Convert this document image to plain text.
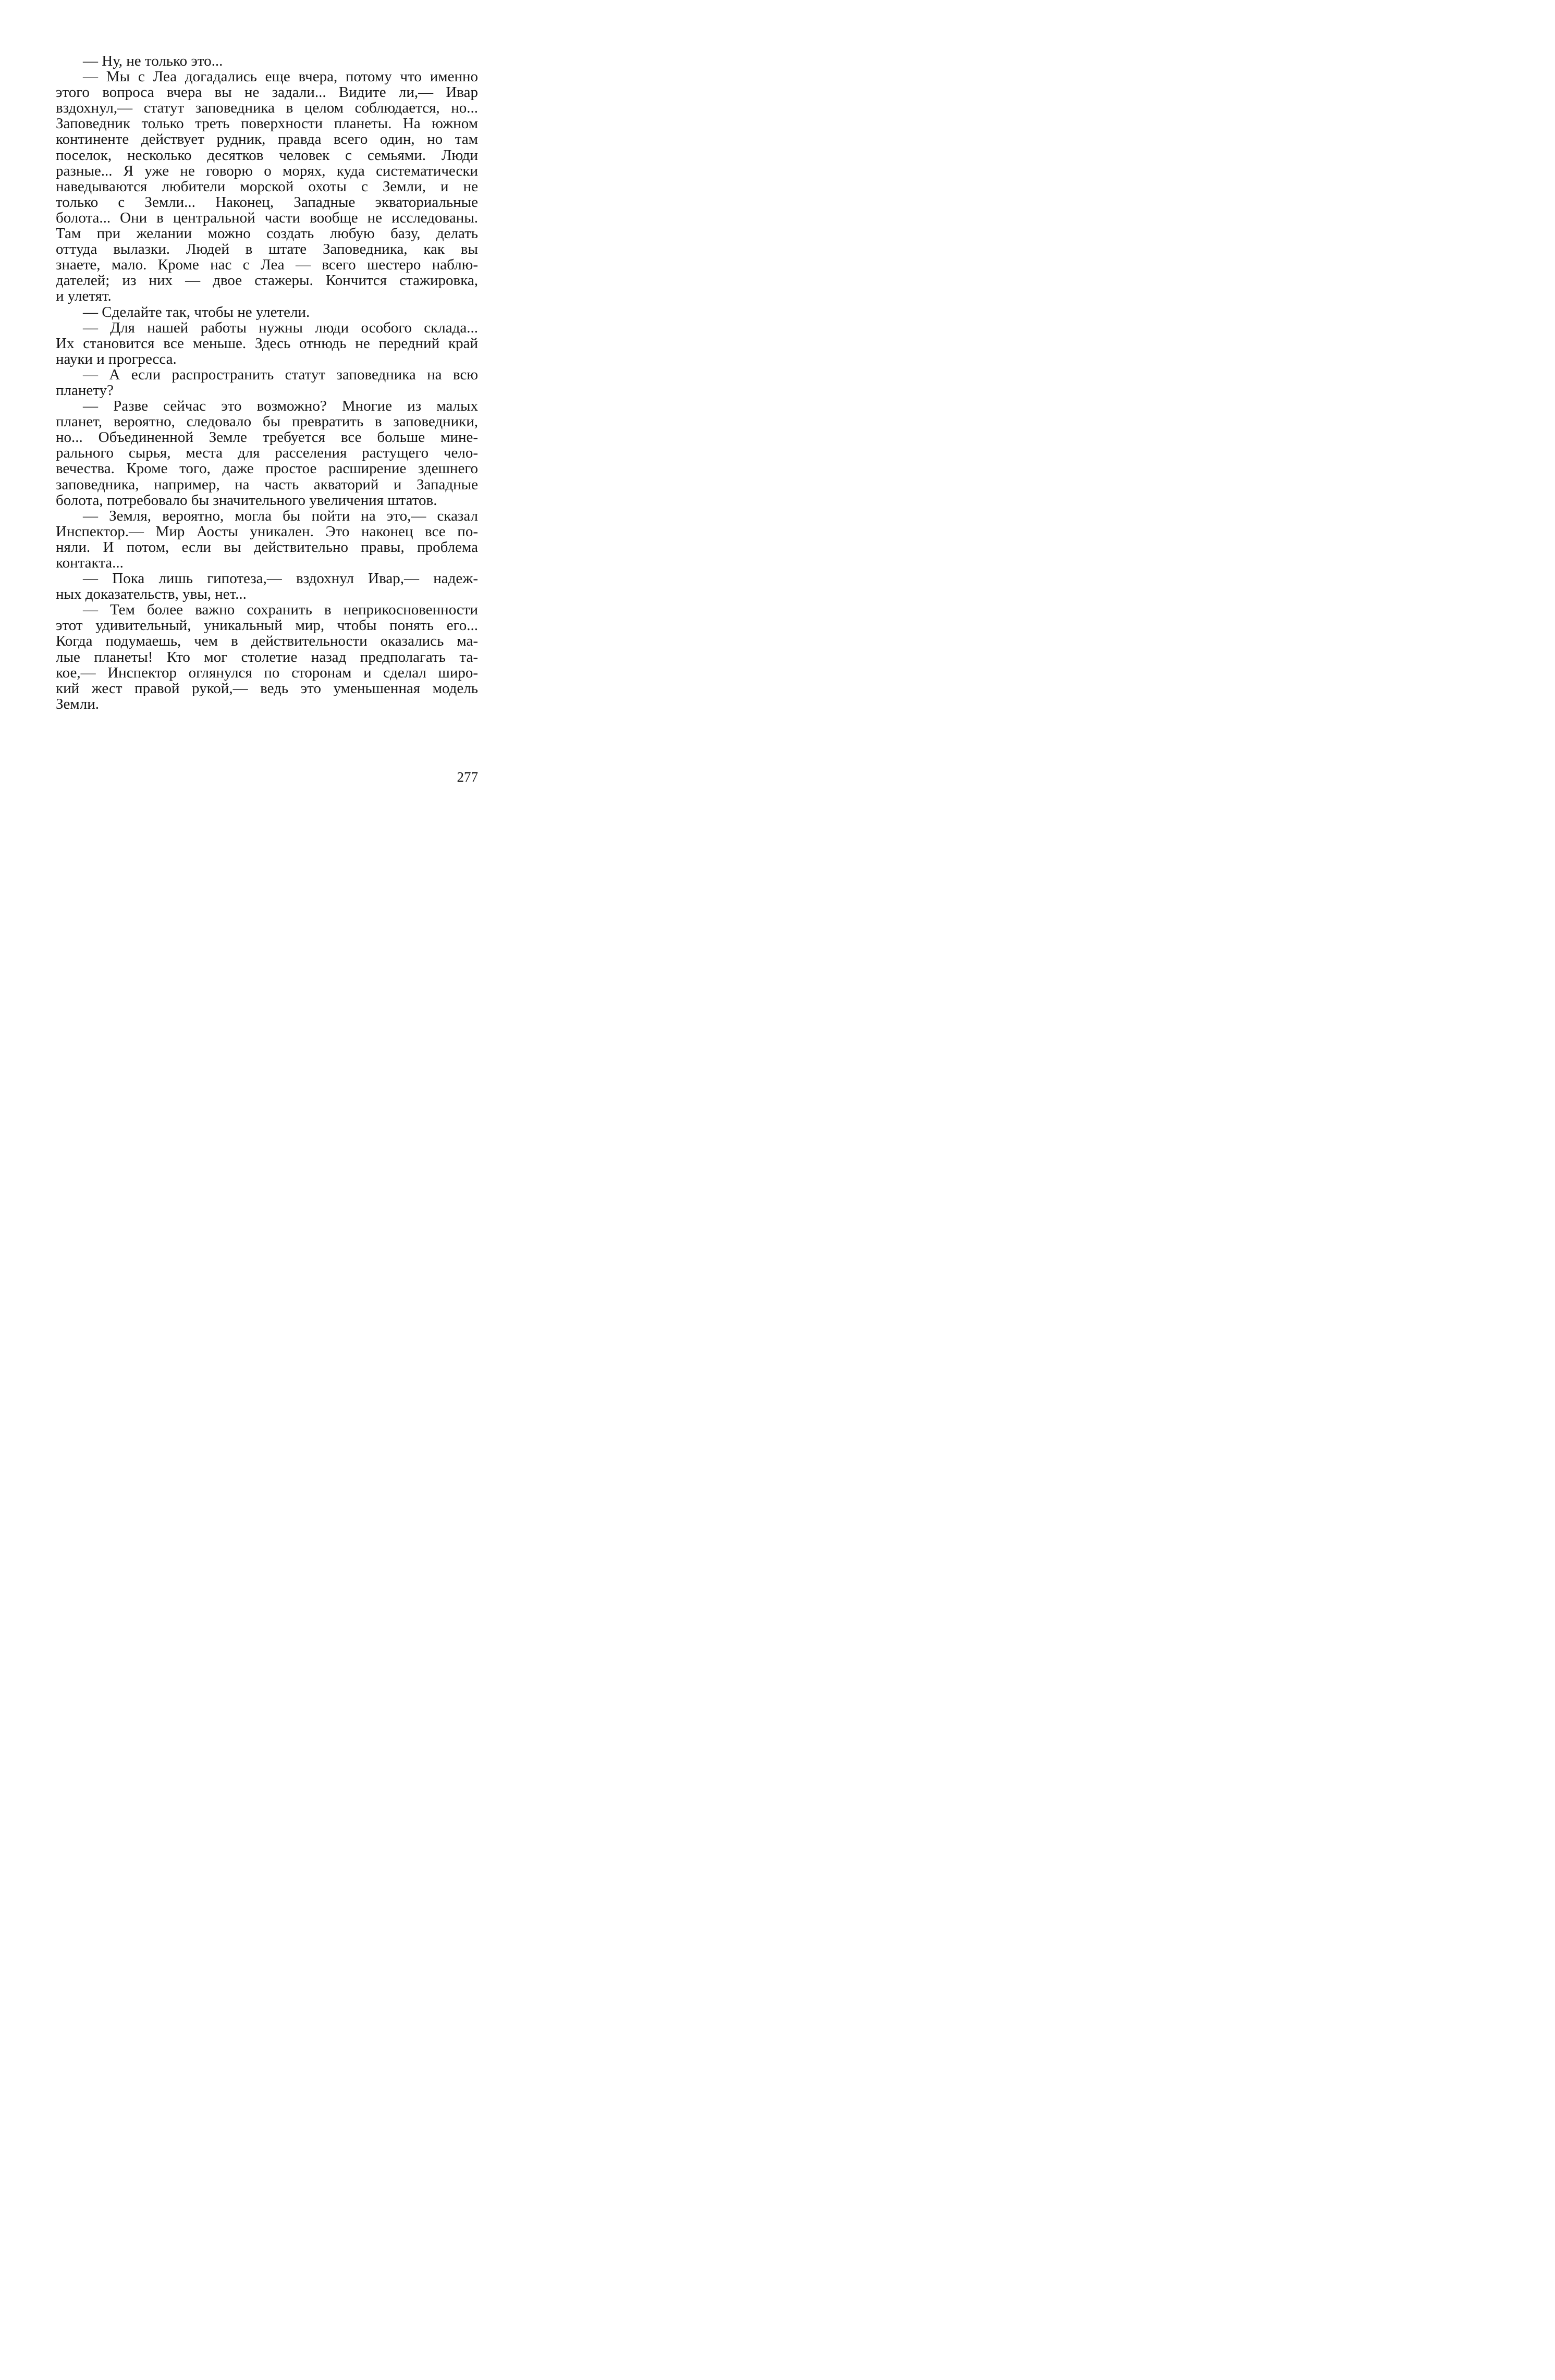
— Ну, не только это...
— Мы с Леа догадались еще вчера, потому что именно
этого вопроса вчера вы не задали... Видите ли,— Ивар
вздохнул,— статут заповедника в целом соблюдается, но...
Заповедник только треть поверхности планеты. На южном
континенте действует рудник, правда всего один, но там
поселок, несколько десятков человек с семьями. Люди
разные... Я уже не говорю о морях, куда систематически
наведываются любители морской охоты с Земли, и не
только с Земли... Наконец, Западные экваториальные
болота... Они в центральной части вообще не исследованы.
Там при желании можно создать любую базу, делать
оттуда вылазки. Людей в штате Заповедника, как вы
знаете, мало. Кроме нас с Леа — всего шестеро наблю-
дателей; из них — двое стажеры. Кончится стажировка,
и улетят.
— Сделайте так, чтобы не улетели.
— Для нашей работы нужны люди особого склада...
Их становится все меньше. Здесь отнюдь не передний край
науки и прогресса.
— А если распространить статут заповедника на всю
планету?
— Разве сейчас это возможно? Многие из малых
планет, вероятно, следовало бы превратить в заповедники,
но... Объединенной Земле требуется все больше мине-
рального сырья, места для расселения растущего чело-
вечества. Кроме того, даже простое расширение здешнего
заповедника, например, на часть акваторий и Западные
болота, потребовало бы значительного увеличения штатов.
— Земля, вероятно, могла бы пойти на это,— сказал
Инспектор.— Мир Аосты уникален. Это наконец все по-
няли. И потом, если вы действительно правы, проблема
контакта...
— Пока лишь гипотеза,— вздохнул Ивар,— надеж-
ных доказательств, увы, нет...
— Тем более важно сохранить в неприкосновенности
этот удивительный, уникальный мир, чтобы понять его...
Когда подумаешь, чем в действительности оказались ма-
лые планеты! Кто мог столетие назад предполагать та-
кое,— Инспектор оглянулся по сторонам и сделал широ-
кий жест правой рукой,— ведь это уменьшенная модель
Земли.
277
